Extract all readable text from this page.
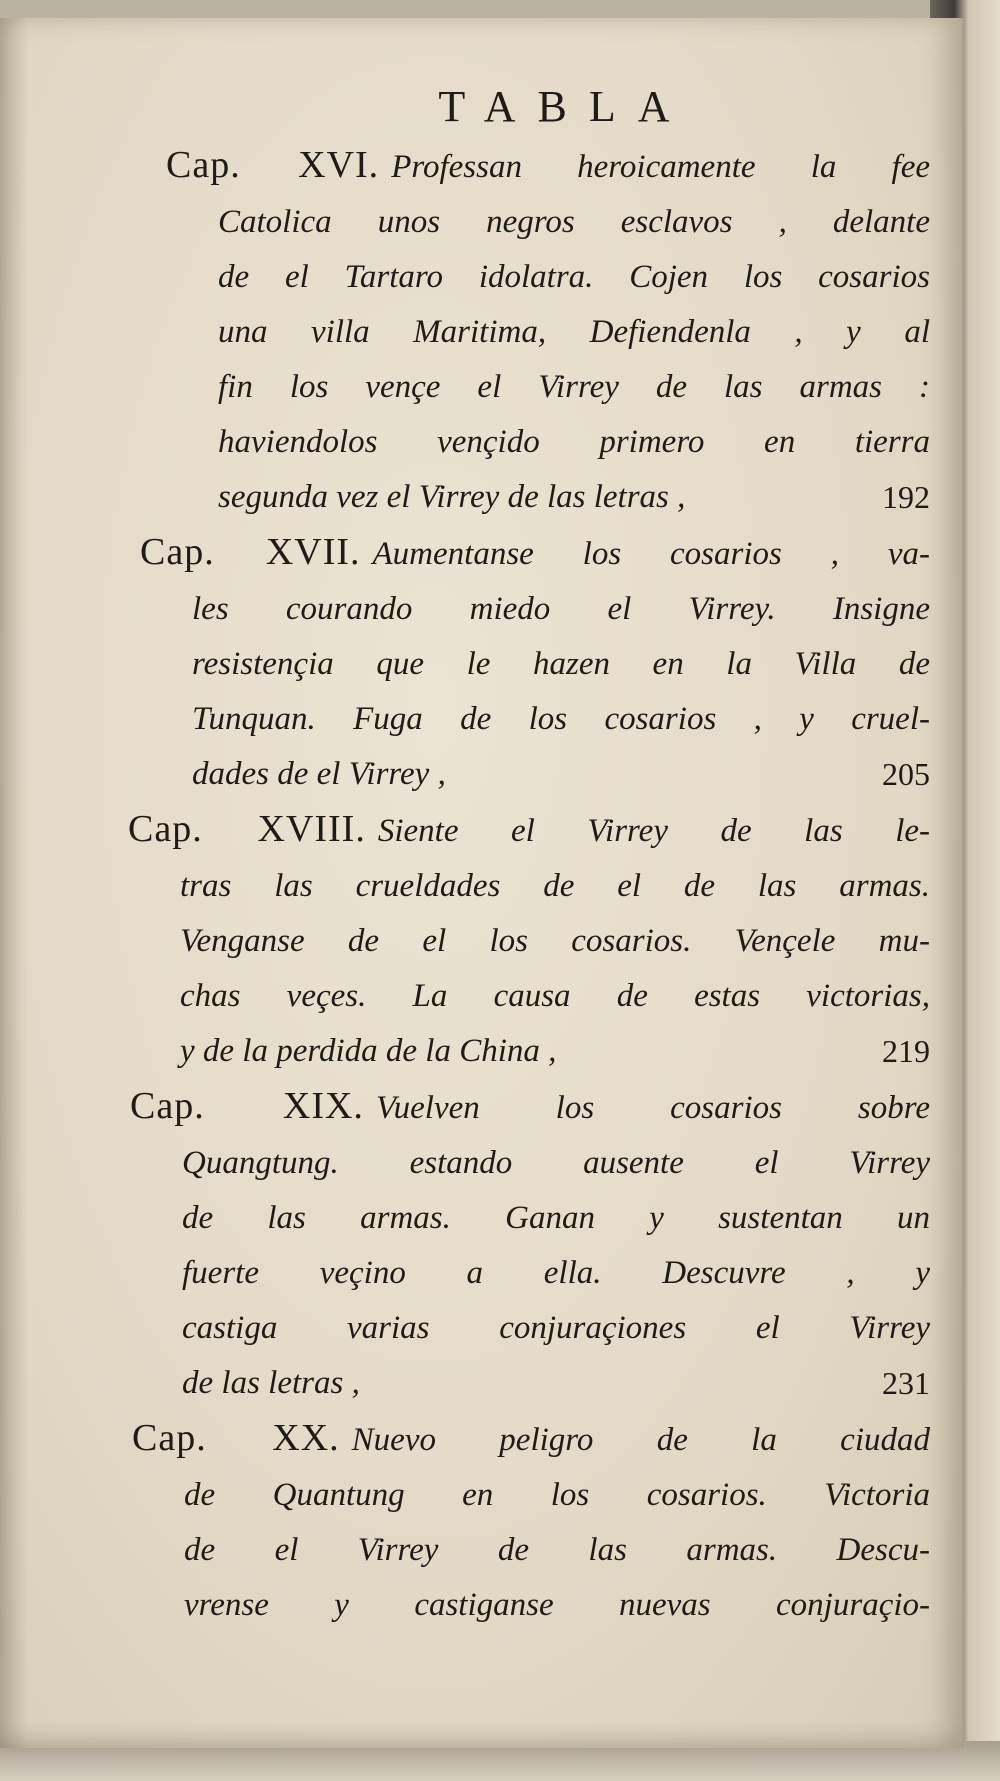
TABLA
Cap. XVI. Professan heroicamente la fee
Catolica unos negros esclavos , delante
de el Tartaro idolatra. Cojen los cosarios
una villa Maritima, Defiendenla , y al
fin los vençe el Virrey de las armas :
haviendolos vençido primero en tierra
segunda vez el Virrey de las letras ,	192
Cap. XVII. Aumentanse los cosarios , va-
les courando miedo el Virrey. Insigne
resistençia que le hazen en la Villa de
Tunquan. Fuga de los cosarios , y cruel-
dades de el Virrey ,	205
Cap. XVIII. Siente el Virrey de las le-
tras las crueldades de el de las armas.
Venganse de el los cosarios. Vençele mu-
chas veçes. La causa de estas victorias,
y de la perdida de la China ,	219
Cap. XIX. Vuelven los cosarios sobre
Quangtung. estando ausente el Virrey
de las armas. Ganan y sustentan un
fuerte veçino a ella. Descuvre , y
castiga varias conjuraçiones el Virrey
de las letras ,	231
Cap. XX. Nuevo peligro de la ciudad
de Quantung en los cosarios. Victoria
de el Virrey de las armas. Descu-
vrense y castiganse nuevas conjuraçio-
